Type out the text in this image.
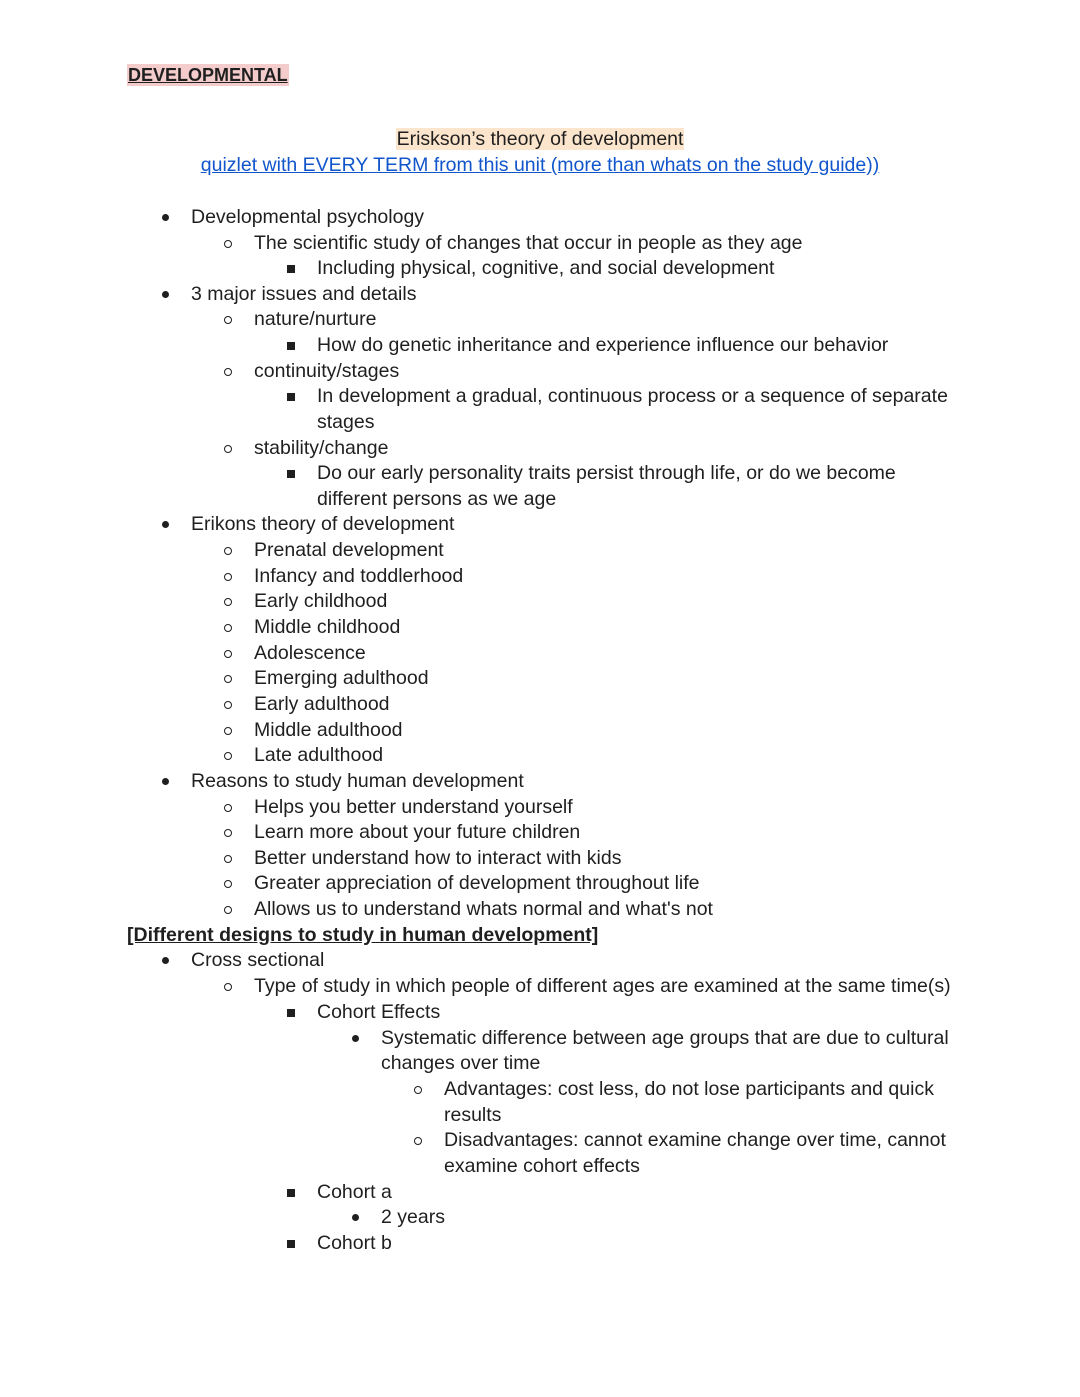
DEVELOPMENTAL
Eriskson’s theory of development
quizlet with EVERY TERM from this unit (more than whats on the study guide))
Developmental psychology
The scientific study of changes that occur in people as they age
Including physical, cognitive, and social development
3 major issues and details
nature/nurture
How do genetic inheritance and experience influence our behavior
continuity/stages
In development a gradual, continuous process or a sequence of separate
stages
stability/change
Do our early personality traits persist through life, or do we become
different persons as we age
Erikons theory of development
Prenatal development
Infancy and toddlerhood
Early childhood
Middle childhood
Adolescence
Emerging adulthood
Early adulthood
Middle adulthood
Late adulthood
Reasons to study human development
Helps you better understand yourself
Learn more about your future children
Better understand how to interact with kids
Greater appreciation of development throughout life
Allows us to understand whats normal and what's not
[Different designs to study in human development]
Cross sectional
Type of study in which people of different ages are examined at the same time(s)
Cohort Effects
Systematic difference between age groups that are due to cultural
changes over time
Advantages: cost less, do not lose participants and quick
results
Disadvantages: cannot examine change over time, cannot
examine cohort effects
Cohort a
2 years
Cohort b
